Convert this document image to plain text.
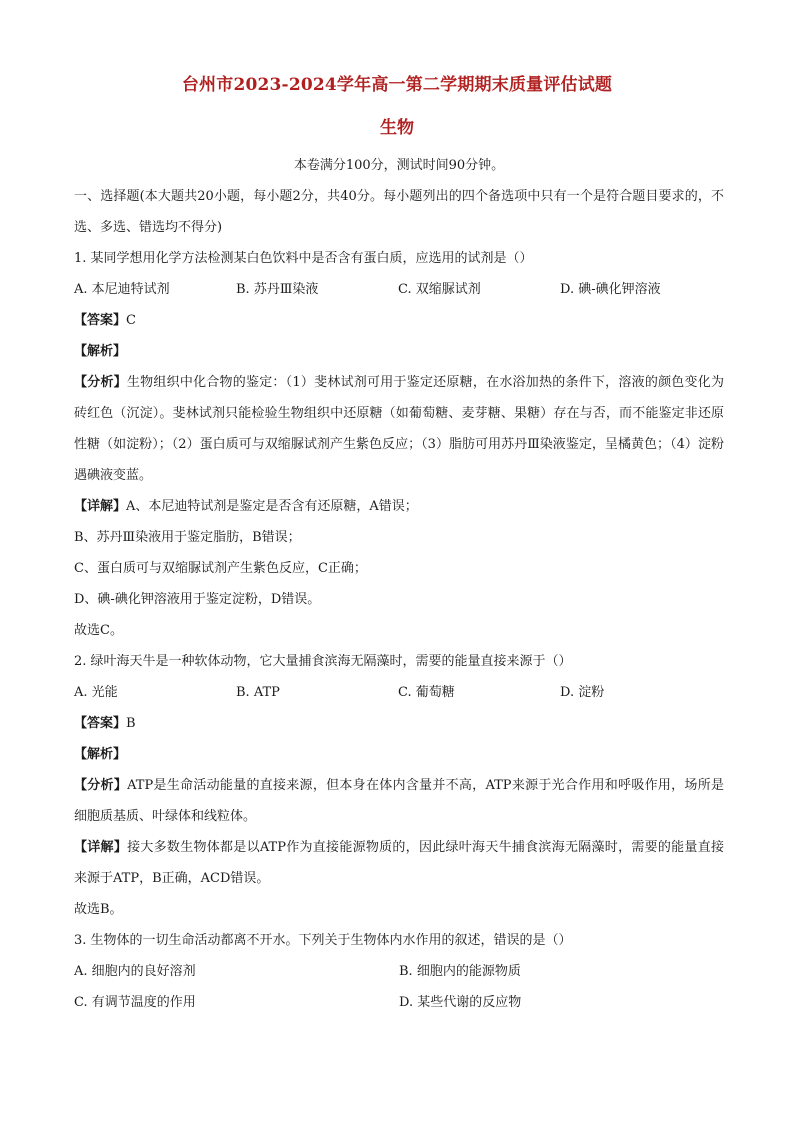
台州市2023-2024学年高一第二学期期末质量评估试题
生物
本卷满分100分，测试时间90分钟。
一、选择题(本大题共20小题，每小题2分，共40分。每小题列出的四个备选项中只有一个是符合题目要求的，不选、多选、错选均不得分)
1. 某同学想用化学方法检测某白色饮料中是否含有蛋白质，应选用的试剂是（）
A. 本尼迪特试剂	B. 苏丹Ⅲ染液	C. 双缩脲试剂	D. 碘-碘化钾溶液
【答案】C
【解析】
【分析】生物组织中化合物的鉴定：（1）斐林试剂可用于鉴定还原糖，在水浴加热的条件下，溶液的颜色变化为砖红色（沉淀）。斐林试剂只能检验生物组织中还原糖（如葡萄糖、麦芽糖、果糖）存在与否，而不能鉴定非还原性糖（如淀粉）；（2）蛋白质可与双缩脲试剂产生紫色反应；（3）脂肪可用苏丹Ⅲ染液鉴定，呈橘黄色；（4）淀粉遇碘液变蓝。
【详解】A、本尼迪特试剂是鉴定是否含有还原糖，A错误；
B、苏丹Ⅲ染液用于鉴定脂肪，B错误；
C、蛋白质可与双缩脲试剂产生紫色反应，C正确；
D、碘-碘化钾溶液用于鉴定淀粉，D错误。
故选C。
2. 绿叶海天牛是一种软体动物，它大量捕食滨海无隔藻时，需要的能量直接来源于（）
A. 光能	B. ATP	C. 葡萄糖	D. 淀粉
【答案】B
【解析】
【分析】ATP是生命活动能量的直接来源，但本身在体内含量并不高，ATP来源于光合作用和呼吸作用，场所是细胞质基质、叶绿体和线粒体。
【详解】接大多数生物体都是以ATP作为直接能源物质的，因此绿叶海天牛捕食滨海无隔藻时，需要的能量直接来源于ATP，B正确，ACD错误。
故选B。
3. 生物体的一切生命活动都离不开水。下列关于生物体内水作用的叙述，错误的是（）
A. 细胞内的良好溶剂	B. 细胞内的能源物质
C. 有调节温度的作用	D. 某些代谢的反应物
